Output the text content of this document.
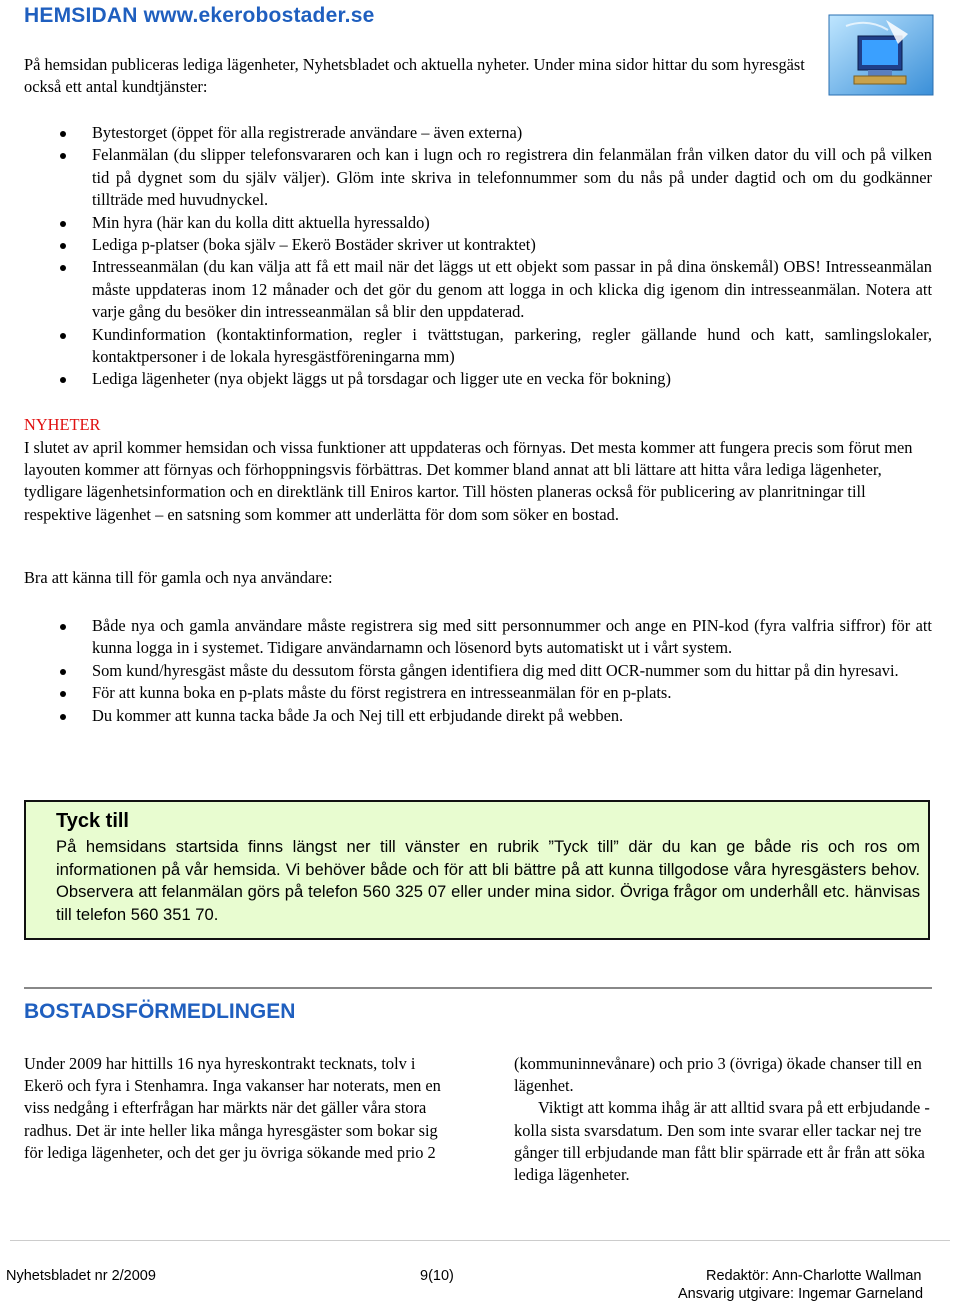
HEMSIDAN www.ekerobostader.se
På hemsidan publiceras lediga lägenheter, Nyhetsbladet och aktuella nyheter. Under mina sidor hittar du som hyresgäst också ett antal kundtjänster:
Bytestorget (öppet för alla registrerade användare – även externa)
Felanmälan (du slipper telefonsvararen och kan i lugn och ro registrera din felanmälan från vilken dator du vill och på vilken tid på dygnet som du själv väljer). Glöm inte skriva in telefonnummer som du nås på under dagtid och om du godkänner tillträde med huvudnyckel.
Min hyra (här kan du kolla ditt aktuella hyressaldo)
Lediga p-platser (boka själv – Ekerö Bostäder skriver ut kontraktet)
Intresseanmälan (du kan välja att få ett mail när det läggs ut ett objekt som passar in på dina önskemål) OBS! Intresseanmälan måste uppdateras inom 12 månader och det gör du genom att logga in och klicka dig igenom din intresseanmälan. Notera att varje gång du besöker din intresseanmälan så blir den uppdaterad.
Kundinformation (kontaktinformation, regler i tvättstugan, parkering, regler gällande hund och katt, samlingslokaler, kontaktpersoner i de lokala hyresgästföreningarna mm)
Lediga lägenheter (nya objekt läggs ut på torsdagar och ligger ute en vecka för bokning)
NYHETER
I slutet av april kommer hemsidan och vissa funktioner att uppdateras och förnyas. Det mesta kommer att fungera precis som förut men layouten kommer att förnyas och förhoppningsvis förbättras. Det kommer bland annat att bli lättare att hitta våra lediga lägenheter, tydligare lägenhetsinformation och en direktlänk till Eniros kartor. Till hösten planeras också för publicering av planritningar till respektive lägenhet – en satsning som kommer att underlätta för dom som söker en bostad.
Bra att känna till för gamla och nya användare:
Både nya och gamla användare måste registrera sig med sitt personnummer och ange en PIN-kod (fyra valfria siffror) för att kunna logga in i systemet. Tidigare användarnamn och lösenord byts automatiskt ut i vårt system.
Som kund/hyresgäst måste du dessutom första gången identifiera dig med ditt OCR-nummer som du hittar på din hyresavi.
För att kunna boka en p-plats måste du först registrera en intresseanmälan för en p-plats.
Du kommer att kunna tacka både Ja och Nej till ett erbjudande direkt på webben.
Tyck till
På hemsidans startsida finns längst ner till vänster en rubrik ”Tyck till” där du kan ge både ris och ros om informationen på vår hemsida. Vi behöver både och för att bli bättre på att kunna tillgodose våra hyresgästers behov. Observera att felanmälan görs på telefon 560 325 07 eller under mina sidor. Övriga frågor om underhåll etc. hänvisas till telefon 560 351 70.
BOSTADSFÖRMEDLINGEN
Under 2009 har hittills 16 nya hyreskontrakt tecknats, tolv i Ekerö och fyra i Stenhamra. Inga vakanser har noterats, men en viss nedgång i efterfrågan har märkts när det gäller våra stora radhus. Det är inte heller lika många hyresgäster som bokar sig för lediga lägenheter, och det ger ju övriga sökande med prio 2

(kommuninnevånare) och prio 3 (övriga) ökade chanser till en lägenhet.

Viktigt att komma ihåg är att alltid svara på ett erbjudande - kolla sista svarsdatum. Den som inte svarar eller tackar nej tre gånger till erbjudande man fått blir spärrade ett år från att söka lediga lägenheter.

Nyhetsbladet nr 2/2009	9(10)	Redaktör: Ann-Charlotte Wallman
Ansvarig utgivare: Ingemar Garneland
